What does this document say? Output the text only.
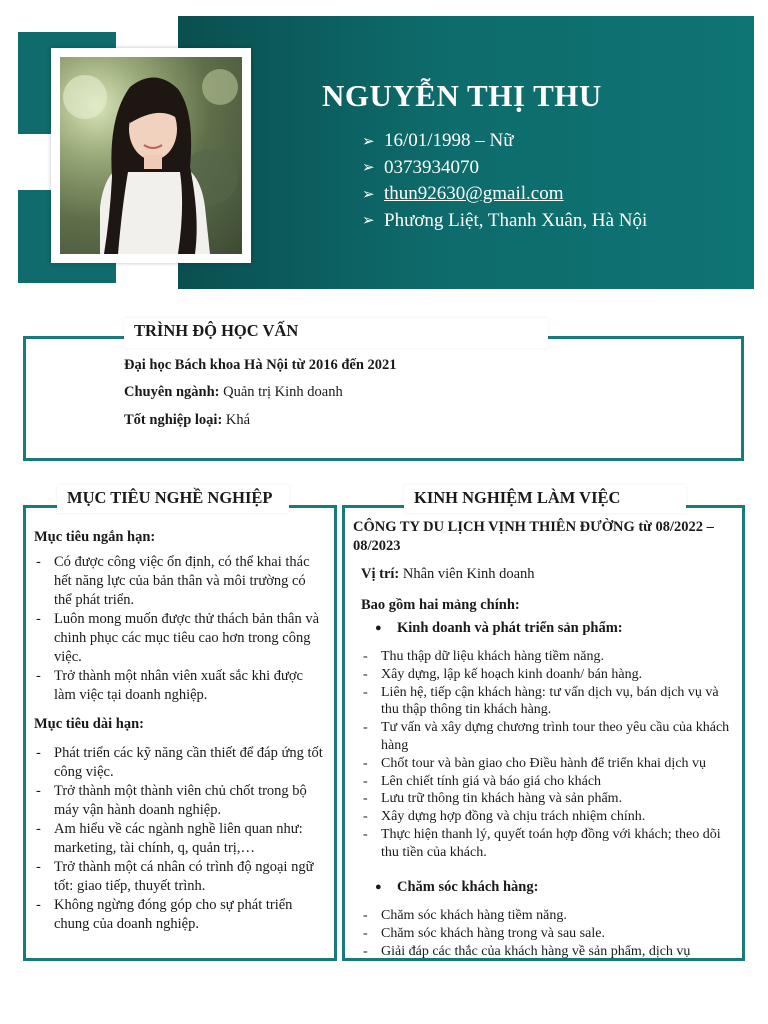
NGUYỄN THỊ THU
➢ 16/01/1998 – Nữ
➢ 0373934070
➢ thun92630@gmail.com
➢ Phương Liệt, Thanh Xuân, Hà Nội
TRÌNH ĐỘ HỌC VẤN
Đại học Bách khoa Hà Nội từ 2016 đến 2021
Chuyên ngành: Quản trị Kinh doanh
Tốt nghiệp loại: Khá
Mục tiêu ngắn hạn:
- Có được công việc ổn định, có thể khai thác hết năng lực của bản thân và môi trường có thể phát triển.
- Luôn mong muốn được thử thách bản thân và chinh phục các mục tiêu cao hơn trong công việc.
- Trở thành một nhân viên xuất sắc khi được làm việc tại doanh nghiệp.
Mục tiêu dài hạn:
- Phát triển các kỹ năng cần thiết để đáp ứng tốt công việc.
- Trở thành một thành viên chủ chốt trong bộ máy vận hành doanh nghiệp.
- Am hiểu về các ngành nghề liên quan như: marketing, tài chính, q, quản trị,…
- Trở thành một cá nhân có trình độ ngoại ngữ tốt: giao tiếp, thuyết trình.
- Không ngừng đóng góp cho sự phát triển chung của doanh nghiệp.
MỤC TIÊU NGHỀ NGHIỆP
CÔNG TY DU LỊCH VỊNH THIÊN ĐƯỜNG từ 08/2022 – 08/2023
Vị trí: Nhân viên Kinh doanh
Bao gồm hai mảng chính:
● Kinh doanh và phát triển sản phẩm:
- Thu thập dữ liệu khách hàng tiềm năng.
- Xây dựng, lập kế hoạch kinh doanh/ bán hàng.
- Liên hệ, tiếp cận khách hàng: tư vấn dịch vụ, bán dịch vụ và thu thập thông tin khách hàng.
- Tư vấn và xây dựng chương trình tour theo yêu cầu của khách hàng
- Chốt tour và bàn giao cho Điều hành để triển khai dịch vụ
- Lên chiết tính giá và báo giá cho khách
- Lưu trữ thông tin khách hàng và sản phẩm.
- Xây dựng hợp đồng và chịu trách nhiệm chính.
- Thực hiện thanh lý, quyết toán hợp đồng với khách; theo dõi thu tiền của khách.
● Chăm sóc khách hàng:
- Chăm sóc khách hàng tiềm năng.
- Chăm sóc khách hàng trong và sau sale.
- Giải đáp các thắc của khách hàng về sản phẩm, dịch vụ
KINH NGHIỆM LÀM VIỆC
